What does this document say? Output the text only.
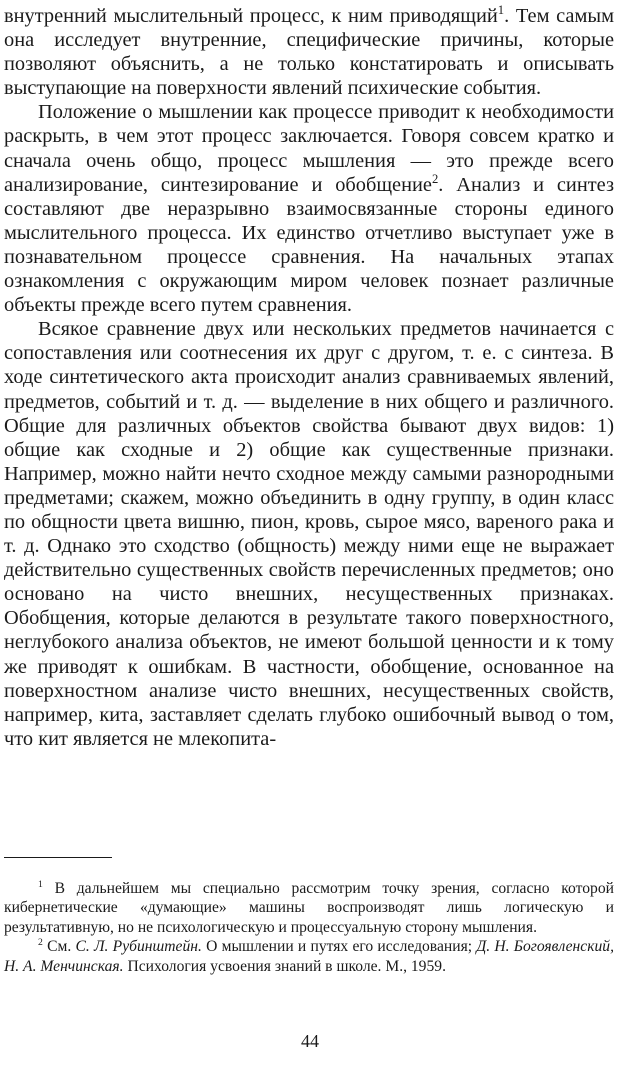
внутренний мыслительный процесс, к ним приводящий$^1$. Тем самым она исследует внутренние, специфические причины, которые позволяют объяснить, а не только констатировать и описывать выступающие на поверхности явлений психические события.

Положение о мышлении как процессе приводит к необходимости раскрыть, в чем этот процесс заключается. Говоря совсем кратко и сначала очень общо, процесс мышления — это прежде всего анализирование, синтезирование и обобщение$^2$. Анализ и синтез составляют две неразрывно взаимосвязанные стороны единого мыслительного процесса. Их единство отчетливо выступает уже в познавательном процессе сравнения. На начальных этапах ознакомления с окружающим миром человек познает различные объекты прежде всего путем сравнения.

Всякое сравнение двух или нескольких предметов начинается с сопоставления или соотнесения их друг с другом, т. е. с синтеза. В ходе синтетического акта происходит анализ сравниваемых явлений, предметов, событий и т. д. — выделение в них общего и различного. Общие для различных объектов свойства бывают двух видов: 1) общие как сходные и 2) общие как существенные признаки. Например, можно найти нечто сходное между самыми разнородными предметами; скажем, можно объединить в одну группу, в один класс по общности цвета вишню, пион, кровь, сырое мясо, вареного рака и т. д. Однако это сходство (общность) между ними еще не выражает действительно существенных свойств перечисленных предметов; оно основано на чисто внешних, несущественных признаках. Обобщения, которые делаются в результате такого поверхностного, неглубокого анализа объектов, не имеют большой ценности и к тому же приводят к ошибкам. В частности, обобщение, основанное на поверхностном анализе чисто внешних, несущественных свойств, например, кита, заставляет сделать глубоко ошибочный вывод о том, что кит является не млекопита-

$^1$ В дальнейшем мы специально рассмотрим точку зрения, согласно которой кибернетические «думающие» машины воспроизводят лишь логическую и результативную, но не психологическую и процессуальную сторону мышления.

$^2$ См. С. Л. Рубинштейн. О мышлении и путях его исследования; Д. Н. Богоявленский, Н. А. Менчинская. Психология усвоения знаний в школе. М., 1959.

44
